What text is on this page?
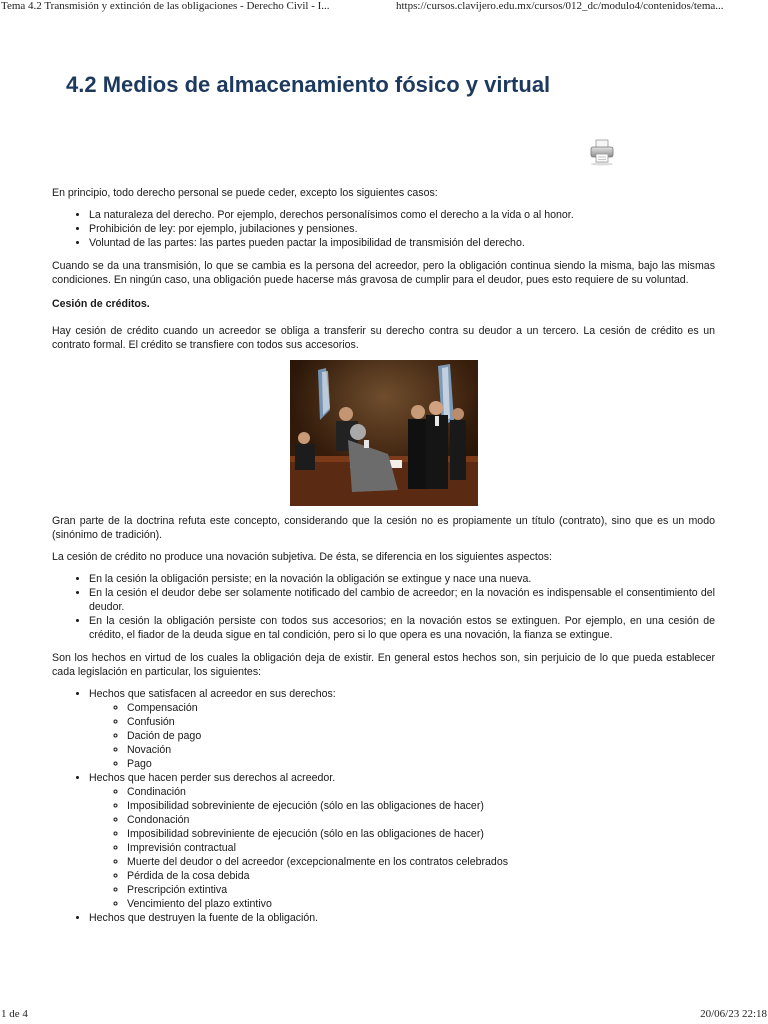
Tema 4.2 Transmisión y extinción de las obligaciones - Derecho Civil - I...	https://cursos.clavijero.edu.mx/cursos/012_dc/modulo4/contenidos/tema...
4.2 Medios de almacenamiento fósico y virtual

En principio, todo derecho personal se puede ceder, excepto los siguientes casos:

• La naturaleza del derecho. Por ejemplo, derechos personalísimos como el derecho a la vida o al honor.
• Prohibición de ley: por ejemplo, jubilaciones y pensiones.
• Voluntad de las partes: las partes pueden pactar la imposibilidad de transmisión del derecho.

Cuando se da una transmisión, lo que se cambia es la persona del acreedor, pero la obligación continua siendo la misma, bajo las mismas condiciones. En ningún caso, una obligación puede hacerse más gravosa de cumplir para el deudor, pues esto requiere de su voluntad.

Cesión de créditos.

Hay cesión de crédito cuando un acreedor se obliga a transferir su derecho contra su deudor a un tercero. La cesión de crédito es un contrato formal. El crédito se transfiere con todos sus accesorios.

Gran parte de la doctrina refuta este concepto, considerando que la cesión no es propiamente un título (contrato), sino que es un modo (sinónimo de tradición).

La cesión de crédito no produce una novación subjetiva. De ésta, se diferencia en los siguientes aspectos:

• En la cesión la obligación persiste; en la novación la obligación se extingue y nace una nueva.
• En la cesión el deudor debe ser solamente notificado del cambio de acreedor; en la novación es indispensable el consentimiento del deudor.
• En la cesión la obligación persiste con todos sus accesorios; en la novación estos se extinguen. Por ejemplo, en una cesión de crédito, el fiador de la deuda sigue en tal condición, pero si lo que opera es una novación, la fianza se extingue.

Son los hechos en virtud de los cuales la obligación deja de existir. En general estos hechos son, sin perjuicio de lo que pueda establecer cada legislación en particular, los siguientes:

• Hechos que satisfacen al acreedor en sus derechos:
◦ Compensación
◦ Confusión
◦ Dación de pago
◦ Novación
◦ Pago
• Hechos que hacen perder sus derechos al acreedor.
◦ Condinación
◦ Imposibilidad sobreviniente de ejecución (sólo en las obligaciones de hacer)
◦ Condonación
◦ Imposibilidad sobreviniente de ejecución (sólo en las obligaciones de hacer)
◦ Imprevisión contractual
◦ Muerte del deudor o del acreedor (excepcionalmente en los contratos celebrados
◦ Pérdida de la cosa debida
◦ Prescripción extintiva
◦ Vencimiento del plazo extintivo
• Hechos que destruyen la fuente de la obligación.
1 de 4	20/06/23 22:18
